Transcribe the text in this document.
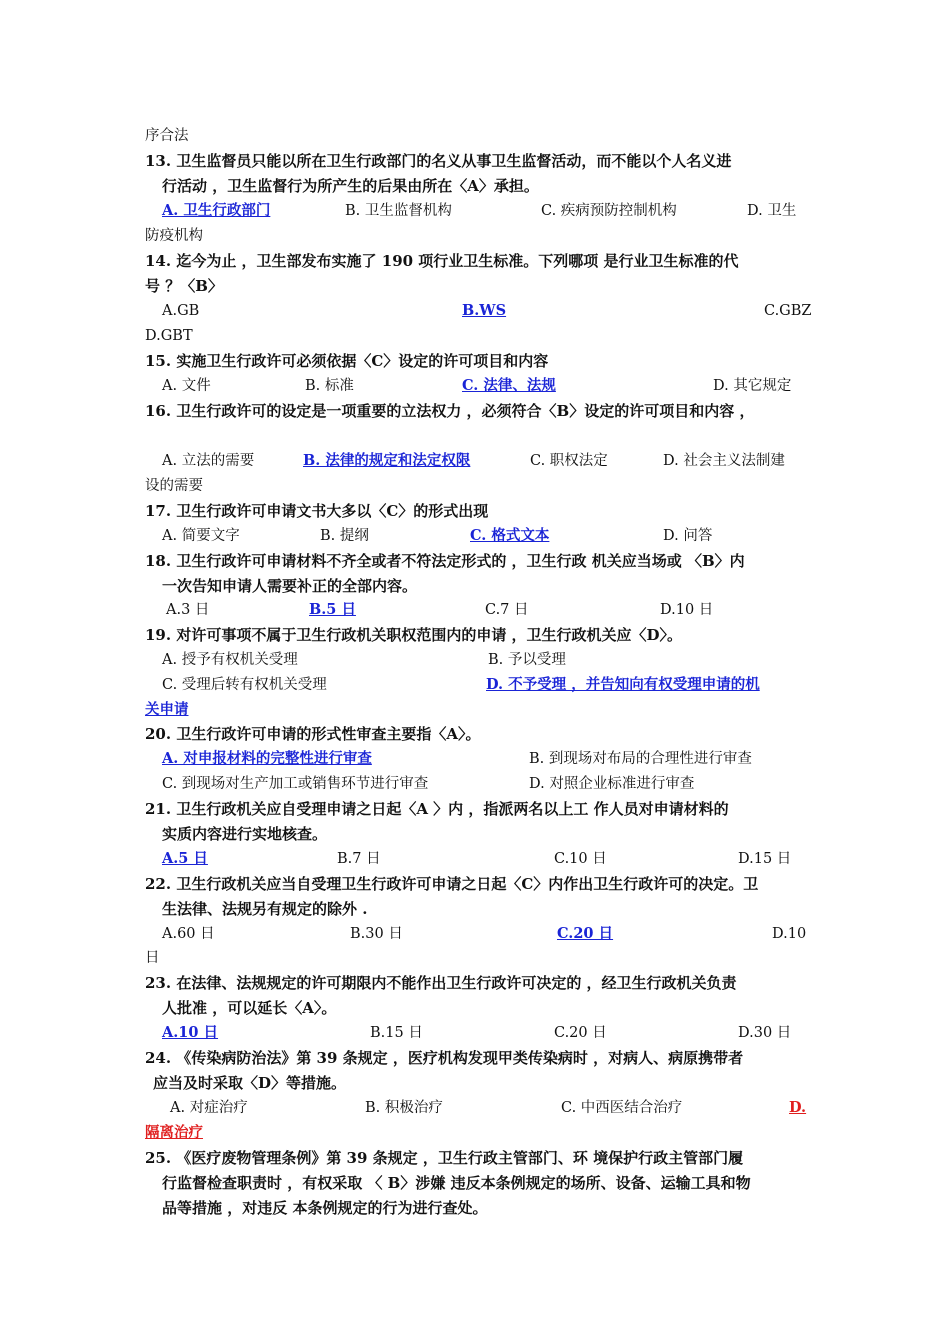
序合法
13. 卫生监督员只能以所在卫生行政部门的名义从事卫生监督活动，而不能以个人名义进
行活动 ，卫生监督行为所产生的后果由所在〈A〉承担。
A. 卫生行政部门	B. 卫生监督机构	C. 疾病预防控制机构	D. 卫生
防疫机构
14. 迄今为止 ，卫生部发布实施了 190 项行业卫生标准。下列哪项 是行业卫生标准的代
号 ？〈B〉
A.GB	B.WS	C.GBZ
D.GBT
15. 实施卫生行政许可必须依据〈C〉设定的许可项目和内容
A. 文件	B. 标准	C. 法律、法规	D. 其它规定
16. 卫生行政许可的设定是一项重要的立法权力 ，必须符合〈B〉设定的许可项目和内容 ，
A. 立法的需要	B. 法律的规定和法定权限	C. 职权法定	D. 社会主义法制建
设的需要
17. 卫生行政许可申请文书大多以〈C〉的形式出现
A. 简要文字	B. 提纲	C. 格式文本	D. 问答
18. 卫生行政许可申请材料不齐全或者不符法定形式的 ，卫生行政 机关应当场或 〈B〉内
一次告知申请人需要补正的全部内容。
A.3 日	B.5 日	C.7 日	D.10 日
19. 对许可事项不属于卫生行政机关职权范围内的申请 ，卫生行政机关应〈D〉。
A. 授予有权机关受理	B. 予以受理
C. 受理后转有权机关受理	D. 不予受理 ，并告知向有权受理申请的机
关申请
20. 卫生行政许可申请的形式性审查主要指〈A〉。
A. 对申报材料的完整性进行审查	B. 到现场对布局的合理性进行审查
C. 到现场对生产加工或销售环节进行审查	D. 对照企业标准进行审查
21. 卫生行政机关应自受理申请之日起〈A 〉内 ，指派两名以上工 作人员对申请材料的
实质内容进行实地核查。
A.5 日	B.7 日	C.10 日	D.15 日
22. 卫生行政机关应当自受理卫生行政许可申请之日起〈C〉内作出卫生行政许可的决定。卫
生法律、法规另有规定的除外 .
A.60 日	B.30 日	C.20 日	D.10
日
23. 在法律、法规规定的许可期限内不能作出卫生行政许可决定的 ，经卫生行政机关负责
人批准 ，可以延长〈A〉。
A.10 日	B.15 日	C.20 日	D.30 日
24. 《传染病防治法》第 39 条规定 ，医疗机构发现甲类传染病时 ，对病人、病原携带者
应当及时采取〈D〉等措施。
A. 对症治疗	B. 积极治疗	C. 中西医结合治疗	D.
隔离治疗
25. 《医疗废物管理条例》第 39 条规定 ，卫生行政主管部门、环 境保护行政主管部门履
行监督检查职责时 ，有权采取 〈 B〉涉嫌 违反本条例规定的场所、设备、运输工具和物
品等措施 ，对违反 本条例规定的行为进行查处。
